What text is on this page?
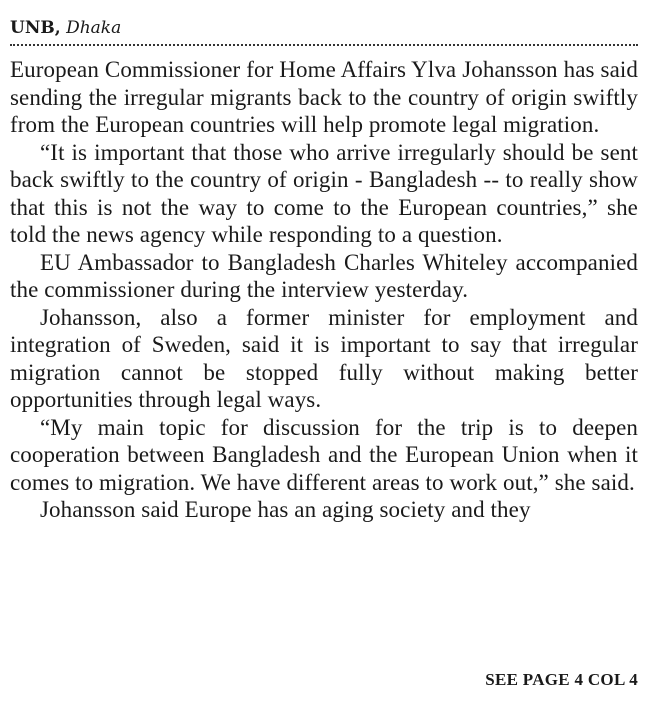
UNB, Dhaka

European Commissioner for Home Affairs Ylva Johansson has said sending the irregular migrants back to the country of origin swiftly from the European countries will help promote legal migration.

“It is important that those who arrive irregularly should be sent back swiftly to the country of origin - Bangladesh -- to really show that this is not the way to come to the European countries,” she told the news agency while responding to a question.

EU Ambassador to Bangladesh Charles Whiteley accompanied the commissioner during the interview yesterday.

Johansson, also a former minister for employment and integration of Sweden, said it is important to say that irregular migration cannot be stopped fully without making better opportunities through legal ways.

“My main topic for discussion for the trip is to deepen cooperation between Bangladesh and the European Union when it comes to migration. We have different areas to work out,” she said.

Johansson said Europe has an aging society and they

SEE PAGE 4 COL 4
